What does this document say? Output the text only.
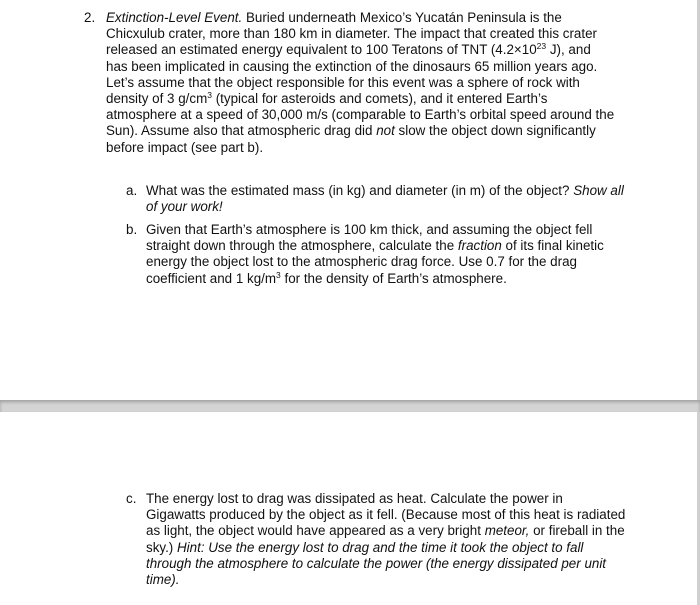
2. Extinction-Level Event. Buried underneath Mexico’s Yucatán Peninsula is the Chicxulub crater, more than 180 km in diameter. The impact that created this crater released an estimated energy equivalent to 100 Teratons of TNT ($4.2\times 10^{23}$ J), and has been implicated in causing the extinction of the dinosaurs 65 million years ago. Let’s assume that the object responsible for this event was a sphere of rock with density of 3 $g/cm^3$ (typical for asteroids and comets), and it entered Earth’s atmosphere at a speed of 30,000 m/s (comparable to Earth’s orbital speed around the Sun). Assume also that atmospheric drag did not slow the object down significantly before impact (see part b).
a. What was the estimated mass (in kg) and diameter (in m) of the object? Show all of your work!
b. Given that Earth’s atmosphere is 100 km thick, and assuming the object fell straight down through the atmosphere, calculate the fraction of its final kinetic energy the object lost to the atmospheric drag force. Use 0.7 for the drag coefficient and 1 $kg/m^3$ for the density of Earth’s atmosphere.
c. The energy lost to drag was dissipated as heat. Calculate the power in Gigawatts produced by the object as it fell. (Because most of this heat is radiated as light, the object would have appeared as a very bright meteor, or fireball in the sky.) Hint: Use the energy lost to drag and the time it took the object to fall through the atmosphere to calculate the power (the energy dissipated per unit time).
